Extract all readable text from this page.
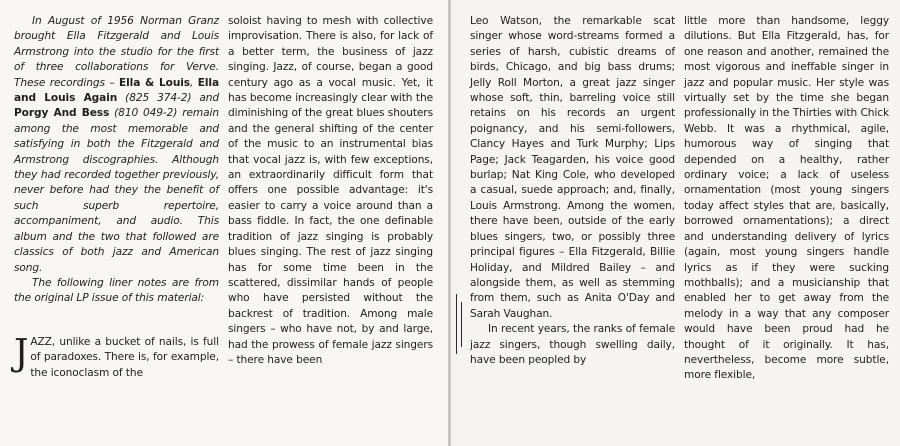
In August of 1956 Norman Granz brought Ella Fitzgerald and Louis Armstrong into the studio for the first of three collaborations for Verve. These recordings – Ella & Louis, Ella and Louis Again (825 374-2) and Porgy And Bess (810 049-2) remain among the most memorable and satisfying in both the Fitzgerald and Armstrong discographies. Although they had recorded together previously, never before had they the benefit of such superb repertoire, accompaniment, and audio. This album and the two that followed are classics of both jazz and American song.

The following liner notes are from the original LP issue of this material:

JAZZ, unlike a bucket of nails, is full of paradoxes. There is, for example, the iconoclasm of the

soloist having to mesh with collective improvisation. There is also, for lack of a better term, the business of jazz singing. Jazz, of course, began a good century ago as a vocal music. Yet, it has become increasingly clear with the diminishing of the great blues shouters and the general shifting of the center of the music to an instrumental bias that vocal jazz is, with few exceptions, an extraordinarily difficult form that offers one possible advantage: it's easier to carry a voice around than a bass fiddle. In fact, the one definable tradition of jazz singing is probably blues singing. The rest of jazz singing has for some time been in the scattered, dissimilar hands of people who have persisted without the backrest of tradition. Among male singers – who have not, by and large, had the prowess of female jazz singers – there have been

Leo Watson, the remarkable scat singer whose word-streams formed a series of harsh, cubistic dreams of birds, Chicago, and big bass drums; Jelly Roll Morton, a great jazz singer whose soft, thin, barreling voice still retains on his records an urgent poignancy, and his semi-followers, Clancy Hayes and Turk Murphy; Lips Page; Jack Teagarden, his voice good burlap; Nat King Cole, who developed a casual, suede approach; and, finally, Louis Armstrong. Among the women, there have been, outside of the early blues singers, two, or possibly three principal figures – Ella Fitzgerald, Billie Holiday, and Mildred Bailey – and alongside them, as well as stemming from them, such as Anita O'Day and Sarah Vaughan.

In recent years, the ranks of female jazz singers, though swelling daily, have been peopled by

little more than handsome, leggy dilutions. But Ella Fitzgerald, has, for one reason and another, remained the most vigorous and ineffable singer in jazz and popular music. Her style was virtually set by the time she began professionally in the Thirties with Chick Webb. It was a rhythmical, agile, humorous way of singing that depended on a healthy, rather ordinary voice; a lack of useless ornamentation (most young singers today affect styles that are, basically, borrowed ornamentations); a direct and understanding delivery of lyrics (again, most young singers handle lyrics as if they were sucking mothballs); and a musicianship that enabled her to get away from the melody in a way that any composer would have been proud had he thought of it originally. It has, nevertheless, become more subtle, more flexible,
